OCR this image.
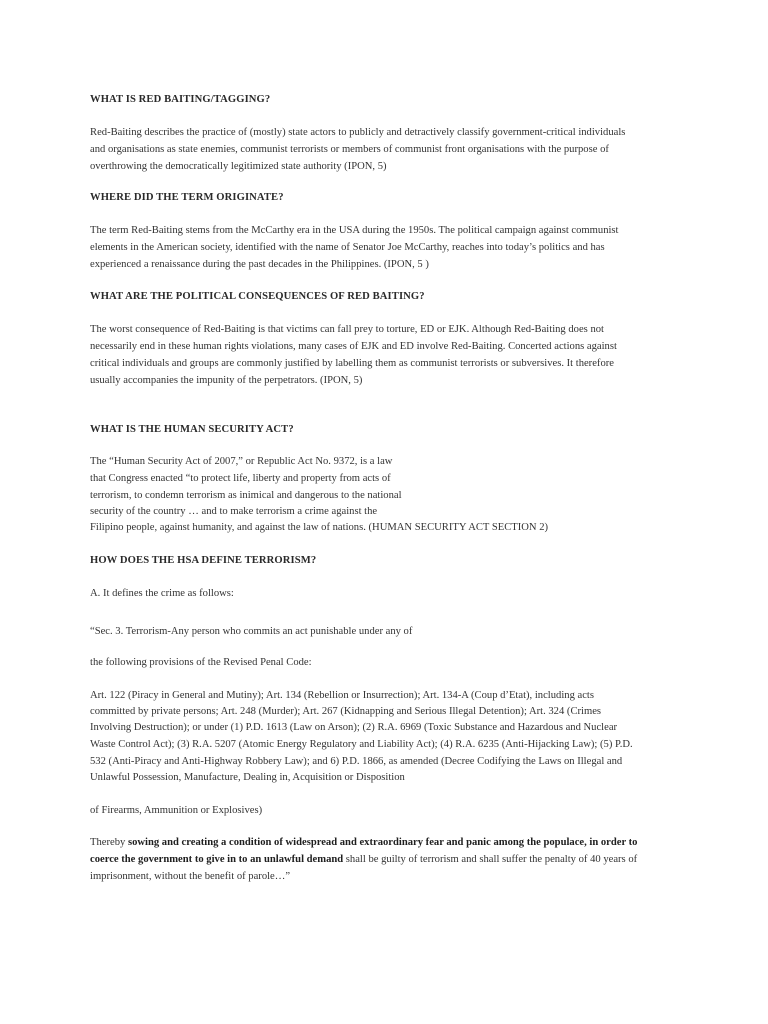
WHAT IS RED BAITING/TAGGING?
Red-Baiting describes the practice of (mostly) state actors to publicly and detractively classify government-critical individuals
and organisations as state enemies, communist terrorists or members of communist front organisations with the purpose of
overthrowing the democratically legitimized state authority (IPON, 5)
WHERE DID THE TERM ORIGINATE?
The term Red-Baiting stems from the McCarthy era in the USA during the 1950s. The political campaign against communist
elements in the American society, identified with the name of Senator Joe McCarthy, reaches into today’s politics and has
experienced a renaissance during the past decades in the Philippines. (IPON, 5 )
WHAT ARE THE POLITICAL CONSEQUENCES OF RED BAITING?
The worst consequence of Red-Baiting is that victims can fall prey to torture, ED or EJK. Although Red-Baiting does not
necessarily end in these human rights violations, many cases of EJK and ED involve Red-Baiting. Concerted actions against
critical individuals and groups are commonly justified by labelling them as communist terrorists or subversives. It therefore
usually accompanies the impunity of the perpetrators. (IPON, 5)
WHAT IS THE HUMAN SECURITY ACT?
The “Human Security Act of 2007,” or Republic Act No. 9372, is a law
that Congress enacted “to protect life, liberty and property from acts of
terrorism, to condemn terrorism as inimical and dangerous to the national
security of the country … and to make terrorism a crime against the
Filipino people, against humanity, and against the law of nations. (HUMAN SECURITY ACT SECTION 2)
HOW DOES THE HSA DEFINE TERRORISM?
A. It defines the crime as follows:
“Sec. 3. Terrorism-Any person who commits an act punishable under any of
the following provisions of the Revised Penal Code:
Art. 122 (Piracy in General and Mutiny); Art. 134 (Rebellion or Insurrection); Art. 134-A (Coup d’Etat), including acts
committed by private persons; Art. 248 (Murder); Art. 267 (Kidnapping and Serious Illegal Detention); Art. 324 (Crimes
Involving Destruction); or under (1) P.D. 1613 (Law on Arson); (2) R.A. 6969 (Toxic Substance and Hazardous and Nuclear
Waste Control Act); (3) R.A. 5207 (Atomic Energy Regulatory and Liability Act); (4) R.A. 6235 (Anti-Hijacking Law); (5) P.D.
532 (Anti-Piracy and Anti-Highway Robbery Law); and 6) P.D. 1866, as amended (Decree Codifying the Laws on Illegal and
Unlawful Possession, Manufacture, Dealing in, Acquisition or Disposition
of Firearms, Ammunition or Explosives)
Thereby sowing and creating a condition of widespread and extraordinary fear and panic among the populace, in order to
coerce the government to give in to an unlawful demand shall be guilty of terrorism and shall suffer the penalty of 40 years of
imprisonment, without the benefit of parole…”
